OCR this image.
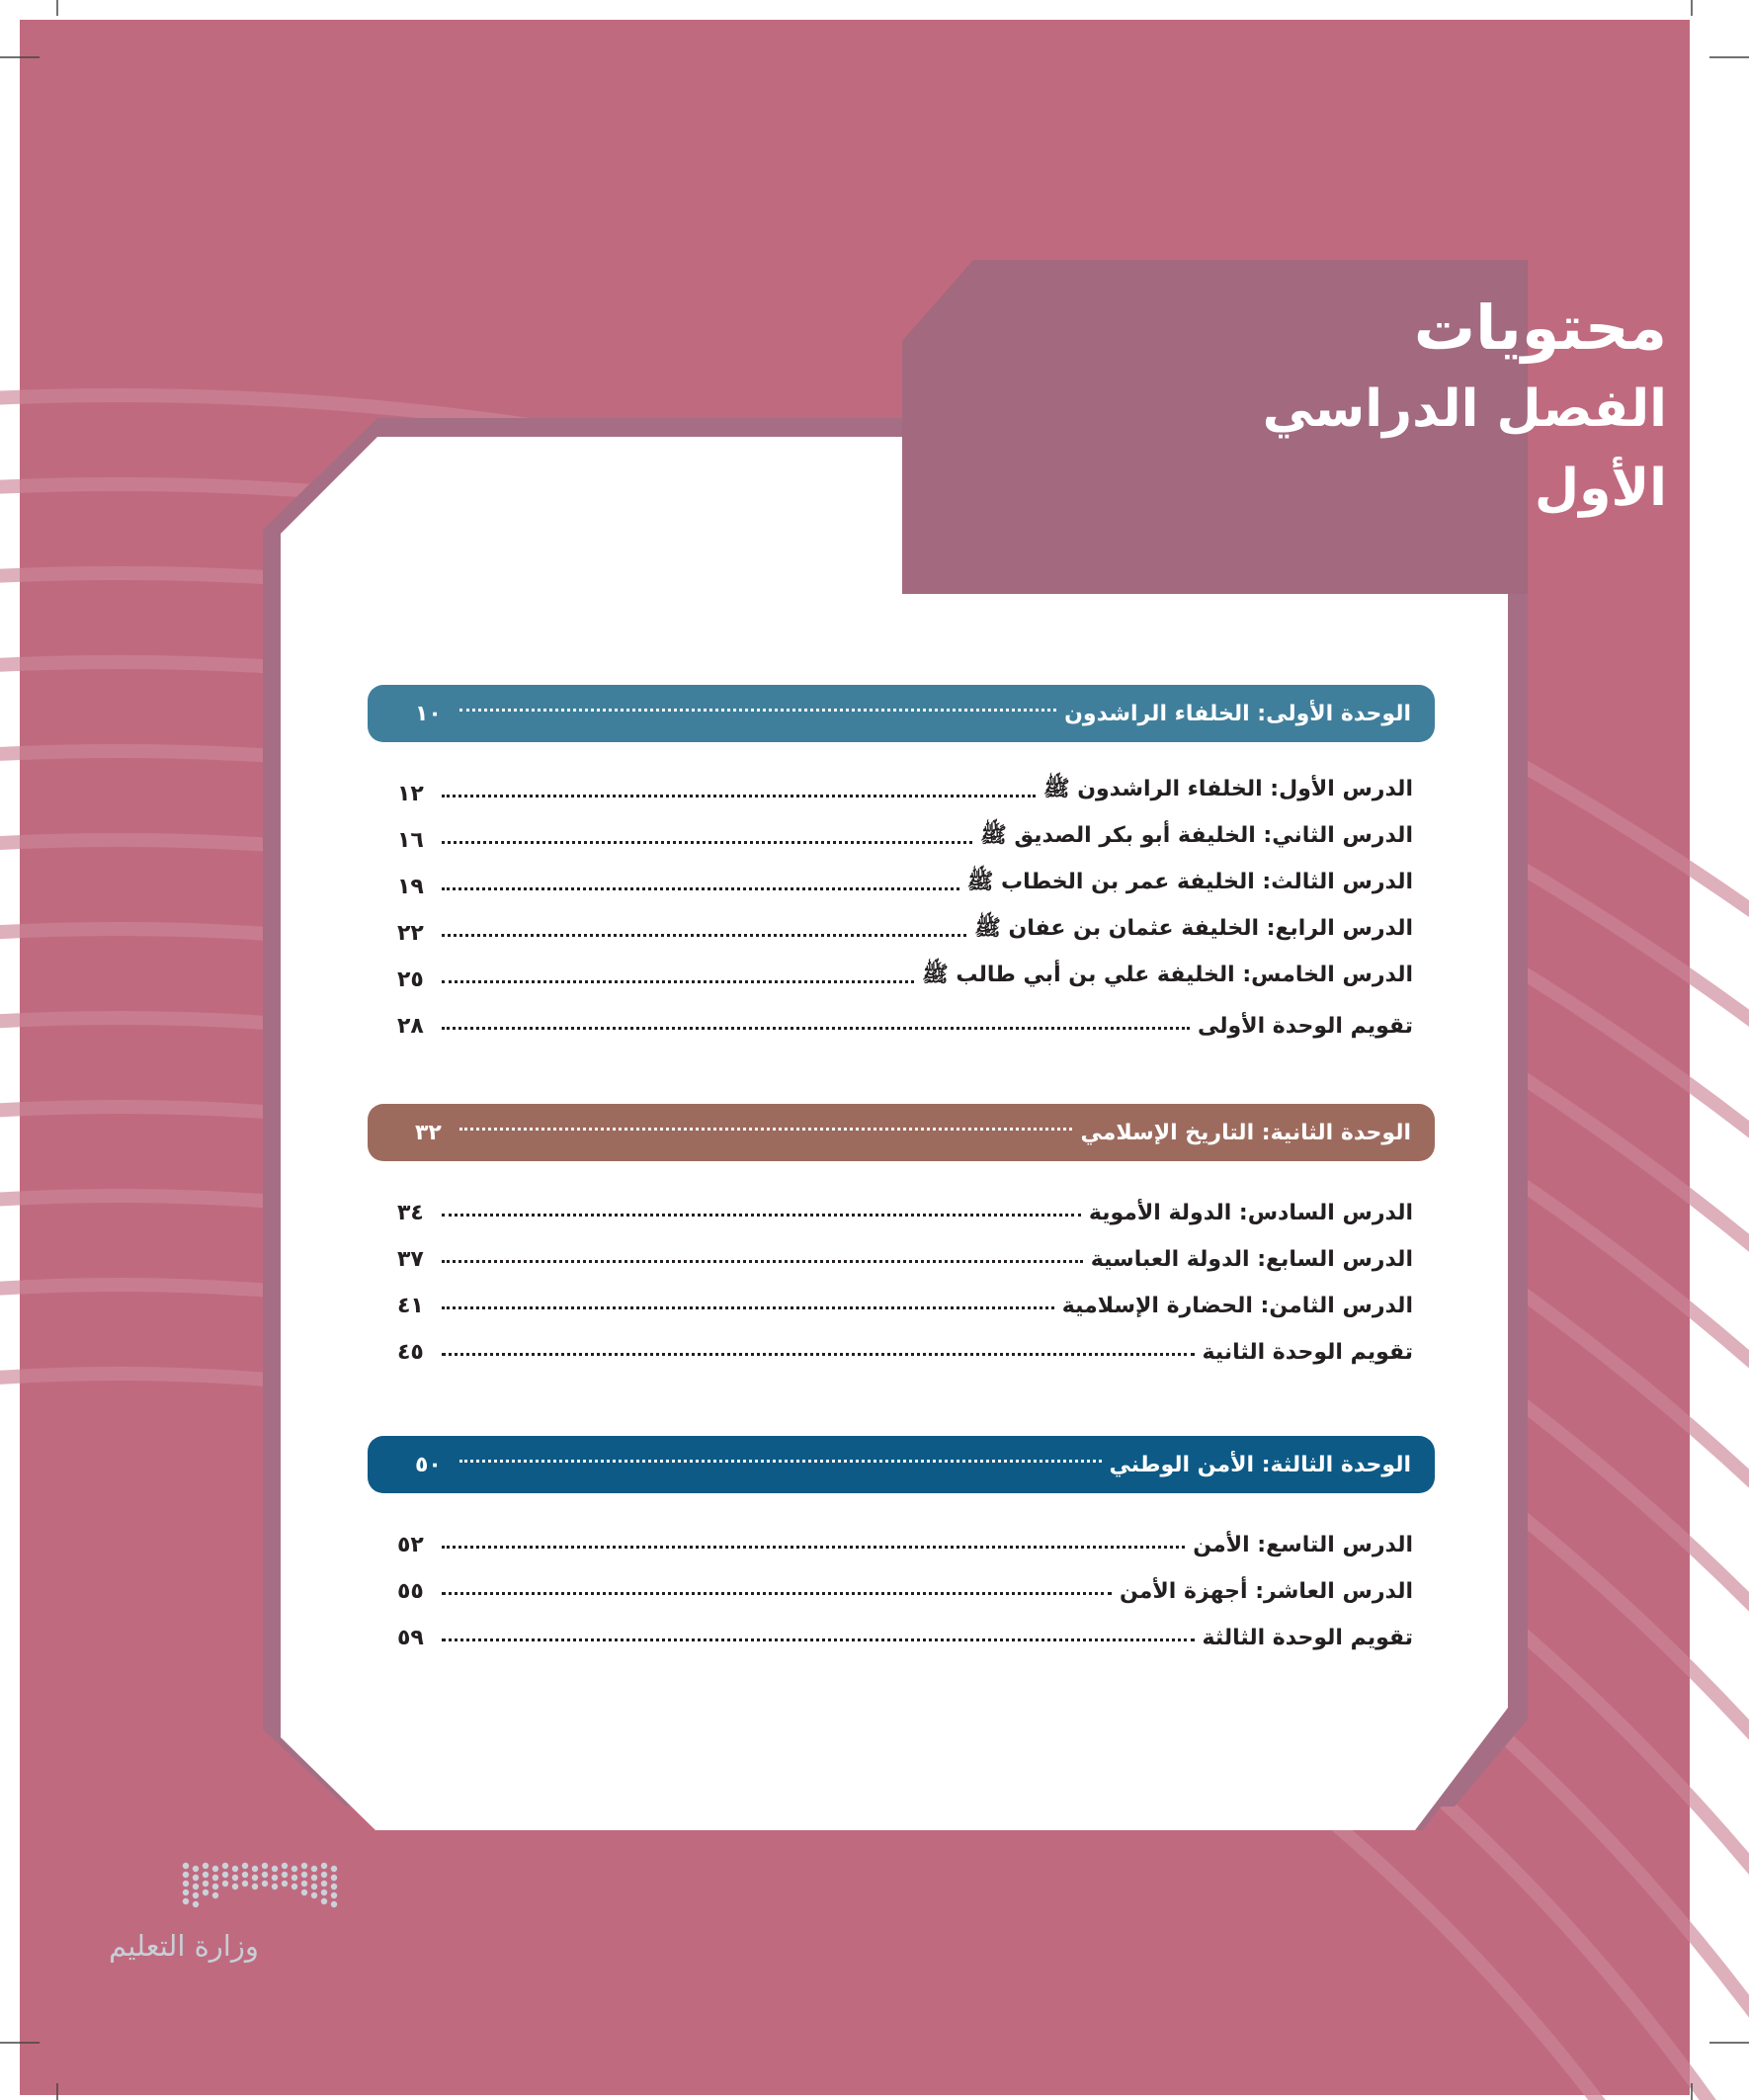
محتويات
الفصل الدراسي الأول
الوحدة الأولى: الخلفاء الراشدون
١٠
الدرس الأول: الخلفاء الراشدون ﷺ
١٢
الدرس الثاني: الخليفة أبو بكر الصديق ﷺ
١٦
الدرس الثالث: الخليفة عمر بن الخطاب ﷺ
١٩
الدرس الرابع: الخليفة عثمان بن عفان ﷺ
٢٢
الدرس الخامس: الخليفة علي بن أبي طالب ﷺ
٢٥
تقويم الوحدة الأولى
٢٨
الوحدة الثانية: التاريخ الإسلامي
٣٢
الدرس السادس: الدولة الأموية
٣٤
الدرس السابع: الدولة العباسية
٣٧
الدرس الثامن: الحضارة الإسلامية
٤١
تقويم الوحدة الثانية
٤٥
الوحدة الثالثة: الأمن الوطني
٥٠
الدرس التاسع: الأمن
٥٢
الدرس العاشر: أجهزة الأمن
٥٥
تقويم الوحدة الثالثة
٥٩
وزارة التعليم
